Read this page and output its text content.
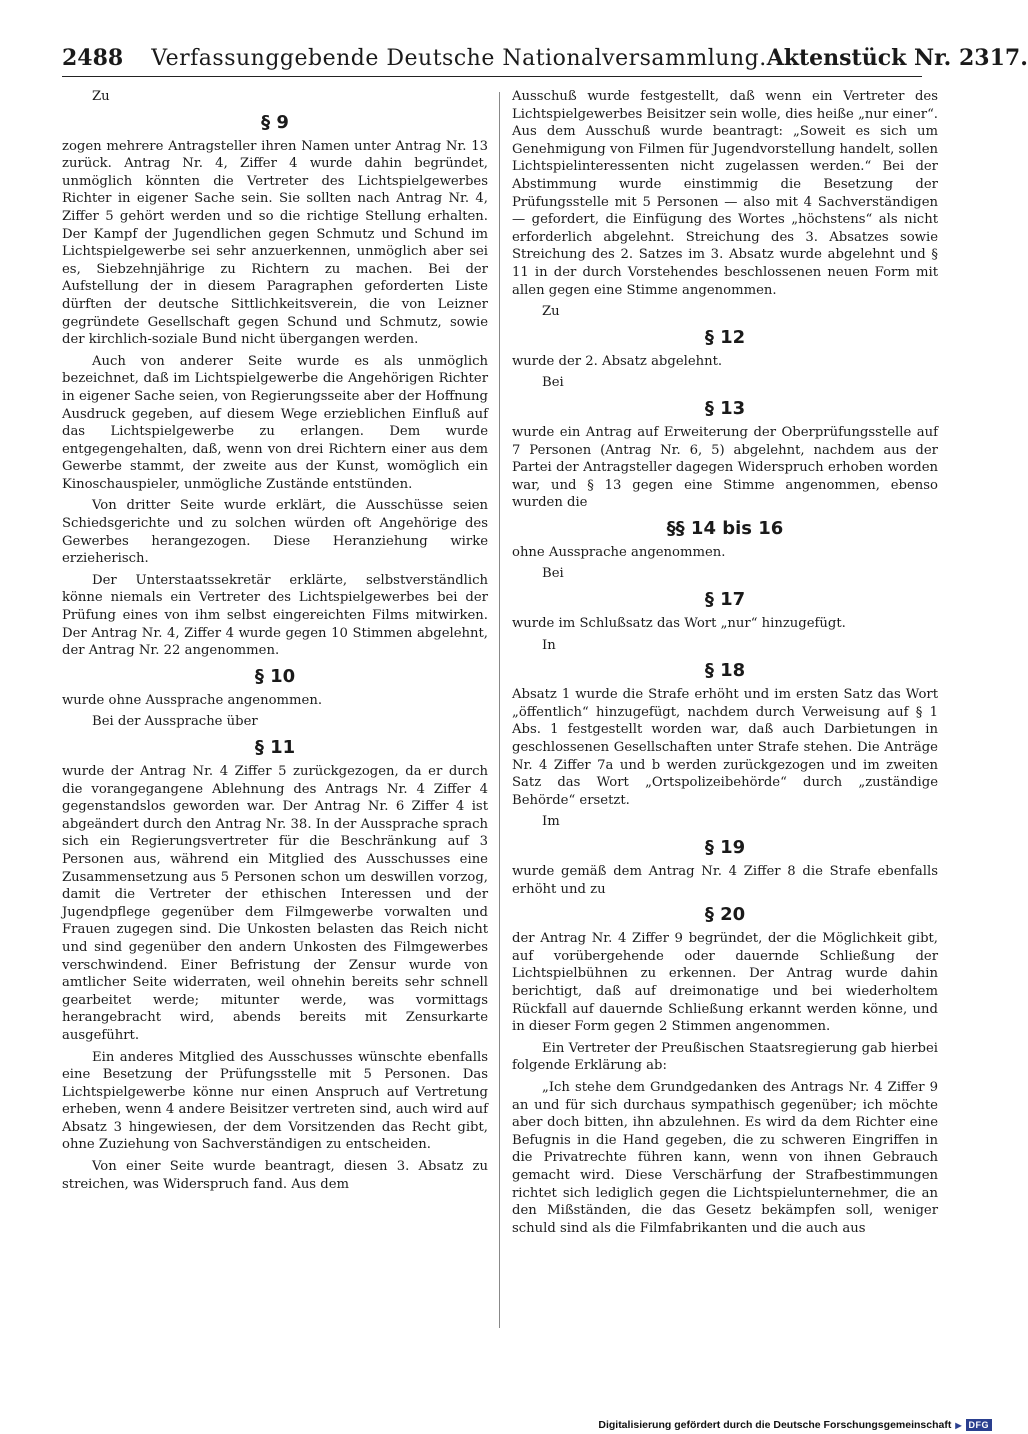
2488 Verfassunggebende Deutsche Nationalversammlung. Aktenstück Nr. 2317.

Zu

§ 9

zogen mehrere Antragsteller ihren Namen unter Antrag Nr. 13 zurück. Antrag Nr. 4, Ziffer 4 wurde dahin begründet, unmöglich könnten die Vertreter des Lichtspielgewerbes Richter in eigener Sache sein. Sie sollten nach Antrag Nr. 4, Ziffer 5 gehört werden und so die richtige Stellung erhalten. Der Kampf der Jugendlichen gegen Schmutz und Schund im Lichtspielgewerbe sei sehr anzuerkennen, unmöglich aber sei es, Siebzehnjährige zu Richtern zu machen. Bei der Aufstellung der in diesem Paragraphen geforderten Liste dürften der deutsche Sittlichkeitsverein, die von Leizner gegründete Gesellschaft gegen Schund und Schmutz, sowie der kirchlich-soziale Bund nicht übergangen werden.

Auch von anderer Seite wurde es als unmöglich bezeichnet, daß im Lichtspielgewerbe die Angehörigen Richter in eigener Sache seien, von Regierungsseite aber der Hoffnung Ausdruck gegeben, auf diesem Wege erzieblichen Einfluß auf das Lichtspielgewerbe zu erlangen. Dem wurde entgegengehalten, daß, wenn von drei Richtern einer aus dem Gewerbe stammt, der zweite aus der Kunst, womöglich ein Kinoschauspieler, unmögliche Zustände entstünden.

Von dritter Seite wurde erklärt, die Ausschüsse seien Schiedsgerichte und zu solchen würden oft Angehörige des Gewerbes herangezogen. Diese Heranziehung wirke erzieherisch.

Der Unterstaatssekretär erklärte, selbstverständlich könne niemals ein Vertreter des Lichtspielgewerbes bei der Prüfung eines von ihm selbst eingereichten Films mitwirken. Der Antrag Nr. 4, Ziffer 4 wurde gegen 10 Stimmen abgelehnt, der Antrag Nr. 22 angenommen.

§ 10

wurde ohne Aussprache angenommen.

Bei der Aussprache über

§ 11

wurde der Antrag Nr. 4 Ziffer 5 zurückgezogen, da er durch die vorangegangene Ablehnung des Antrags Nr. 4 Ziffer 4 gegenstandslos geworden war. Der Antrag Nr. 6 Ziffer 4 ist abgeändert durch den Antrag Nr. 38. In der Aussprache sprach sich ein Regierungsvertreter für die Beschränkung auf 3 Personen aus, während ein Mitglied des Ausschusses eine Zusammensetzung aus 5 Personen schon um deswillen vorzog, damit die Vertreter der ethischen Interessen und der Jugendpflege gegenüber dem Filmgewerbe vorwalten und Frauen zugegen sind. Die Unkosten belasten das Reich nicht und sind gegenüber den andern Unkosten des Filmgewerbes verschwindend. Einer Befristung der Zensur wurde von amtlicher Seite widerraten, weil ohnehin bereits sehr schnell gearbeitet werde; mitunter werde, was vormittags herangebracht wird, abends bereits mit Zensurkarte ausgeführt.

Ein anderes Mitglied des Ausschusses wünschte ebenfalls eine Besetzung der Prüfungsstelle mit 5 Personen. Das Lichtspielgewerbe könne nur einen Anspruch auf Vertretung erheben, wenn 4 andere Beisitzer vertreten sind, auch wird auf Absatz 3 hingewiesen, der dem Vorsitzenden das Recht gibt, ohne Zuziehung von Sachverständigen zu entscheiden.

Von einer Seite wurde beantragt, diesen 3. Absatz zu streichen, was Widerspruch fand. Aus dem

Ausschuß wurde festgestellt, daß wenn ein Vertreter des Lichtspielgewerbes Beisitzer sein wolle, dies heiße „nur einer“. Aus dem Ausschuß wurde beantragt: „Soweit es sich um Genehmigung von Filmen für Jugendvorstellung handelt, sollen Lichtspielinteressenten nicht zugelassen werden.“ Bei der Abstimmung wurde einstimmig die Besetzung der Prüfungsstelle mit 5 Personen — also mit 4 Sachverständigen — gefordert, die Einfügung des Wortes „höchstens“ als nicht erforderlich abgelehnt. Streichung des 3. Absatzes sowie Streichung des 2. Satzes im 3. Absatz wurde abgelehnt und § 11 in der durch Vorstehendes beschlossenen neuen Form mit allen gegen eine Stimme angenommen.

Zu

§ 12

wurde der 2. Absatz abgelehnt.

Bei

§ 13

wurde ein Antrag auf Erweiterung der Oberprüfungsstelle auf 7 Personen (Antrag Nr. 6, 5) abgelehnt, nachdem aus der Partei der Antragsteller dagegen Widerspruch erhoben worden war, und § 13 gegen eine Stimme angenommen, ebenso wurden die

§§ 14 bis 16

ohne Aussprache angenommen.

Bei

§ 17

wurde im Schlußsatz das Wort „nur“ hinzugefügt.

In

§ 18

Absatz 1 wurde die Strafe erhöht und im ersten Satz das Wort „öffentlich“ hinzugefügt, nachdem durch Verweisung auf § 1 Abs. 1 festgestellt worden war, daß auch Darbietungen in geschlossenen Gesellschaften unter Strafe stehen. Die Anträge Nr. 4 Ziffer 7a und b werden zurückgezogen und im zweiten Satz das Wort „Ortspolizeibehörde“ durch „zuständige Behörde“ ersetzt.

Im

§ 19

wurde gemäß dem Antrag Nr. 4 Ziffer 8 die Strafe ebenfalls erhöht und zu

§ 20

der Antrag Nr. 4 Ziffer 9 begründet, der die Möglichkeit gibt, auf vorübergehende oder dauernde Schließung der Lichtspielbühnen zu erkennen. Der Antrag wurde dahin berichtigt, daß auf dreimonatige und bei wiederholtem Rückfall auf dauernde Schließung erkannt werden könne, und in dieser Form gegen 2 Stimmen angenommen.

Ein Vertreter der Preußischen Staatsregierung gab hierbei folgende Erklärung ab:

„Ich stehe dem Grundgedanken des Antrags Nr. 4 Ziffer 9 an und für sich durchaus sympathisch gegenüber; ich möchte aber doch bitten, ihn abzulehnen. Es wird da dem Richter eine Befugnis in die Hand gegeben, die zu schweren Eingriffen in die Privatrechte führen kann, wenn von ihnen Gebrauch gemacht wird. Diese Verschärfung der Strafbestimmungen richtet sich lediglich gegen die Lichtspielunternehmer, die an den Mißständen, die das Gesetz bekämpfen soll, weniger schuld sind als die Filmfabrikanten und die auch aus

Digitalisierung gefördert durch die Deutsche Forschungsgemeinschaft ▶ DFG
